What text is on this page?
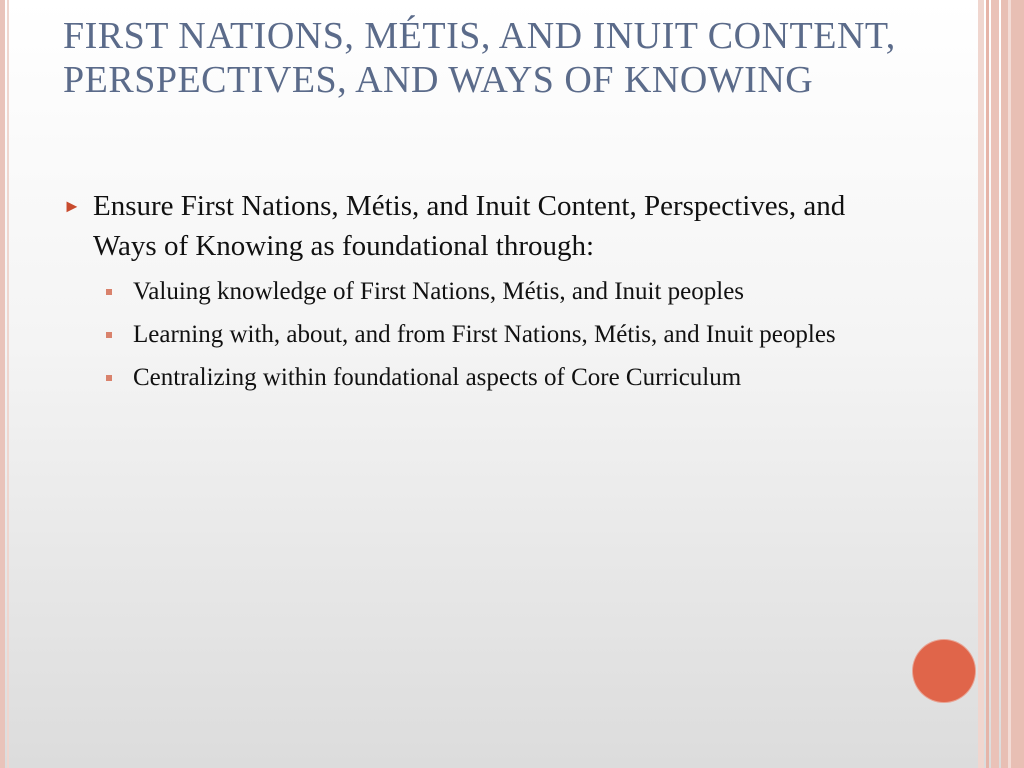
FIRST NATIONS, MÉTIS, AND INUIT CONTENT, PERSPECTIVES, AND WAYS OF KNOWING
► Ensure First Nations, Métis, and Inuit Content, Perspectives, and Ways of Knowing as foundational through:
Valuing knowledge of First Nations, Métis, and Inuit peoples
Learning with, about, and from First Nations, Métis, and Inuit peoples
Centralizing within foundational aspects of Core Curriculum
